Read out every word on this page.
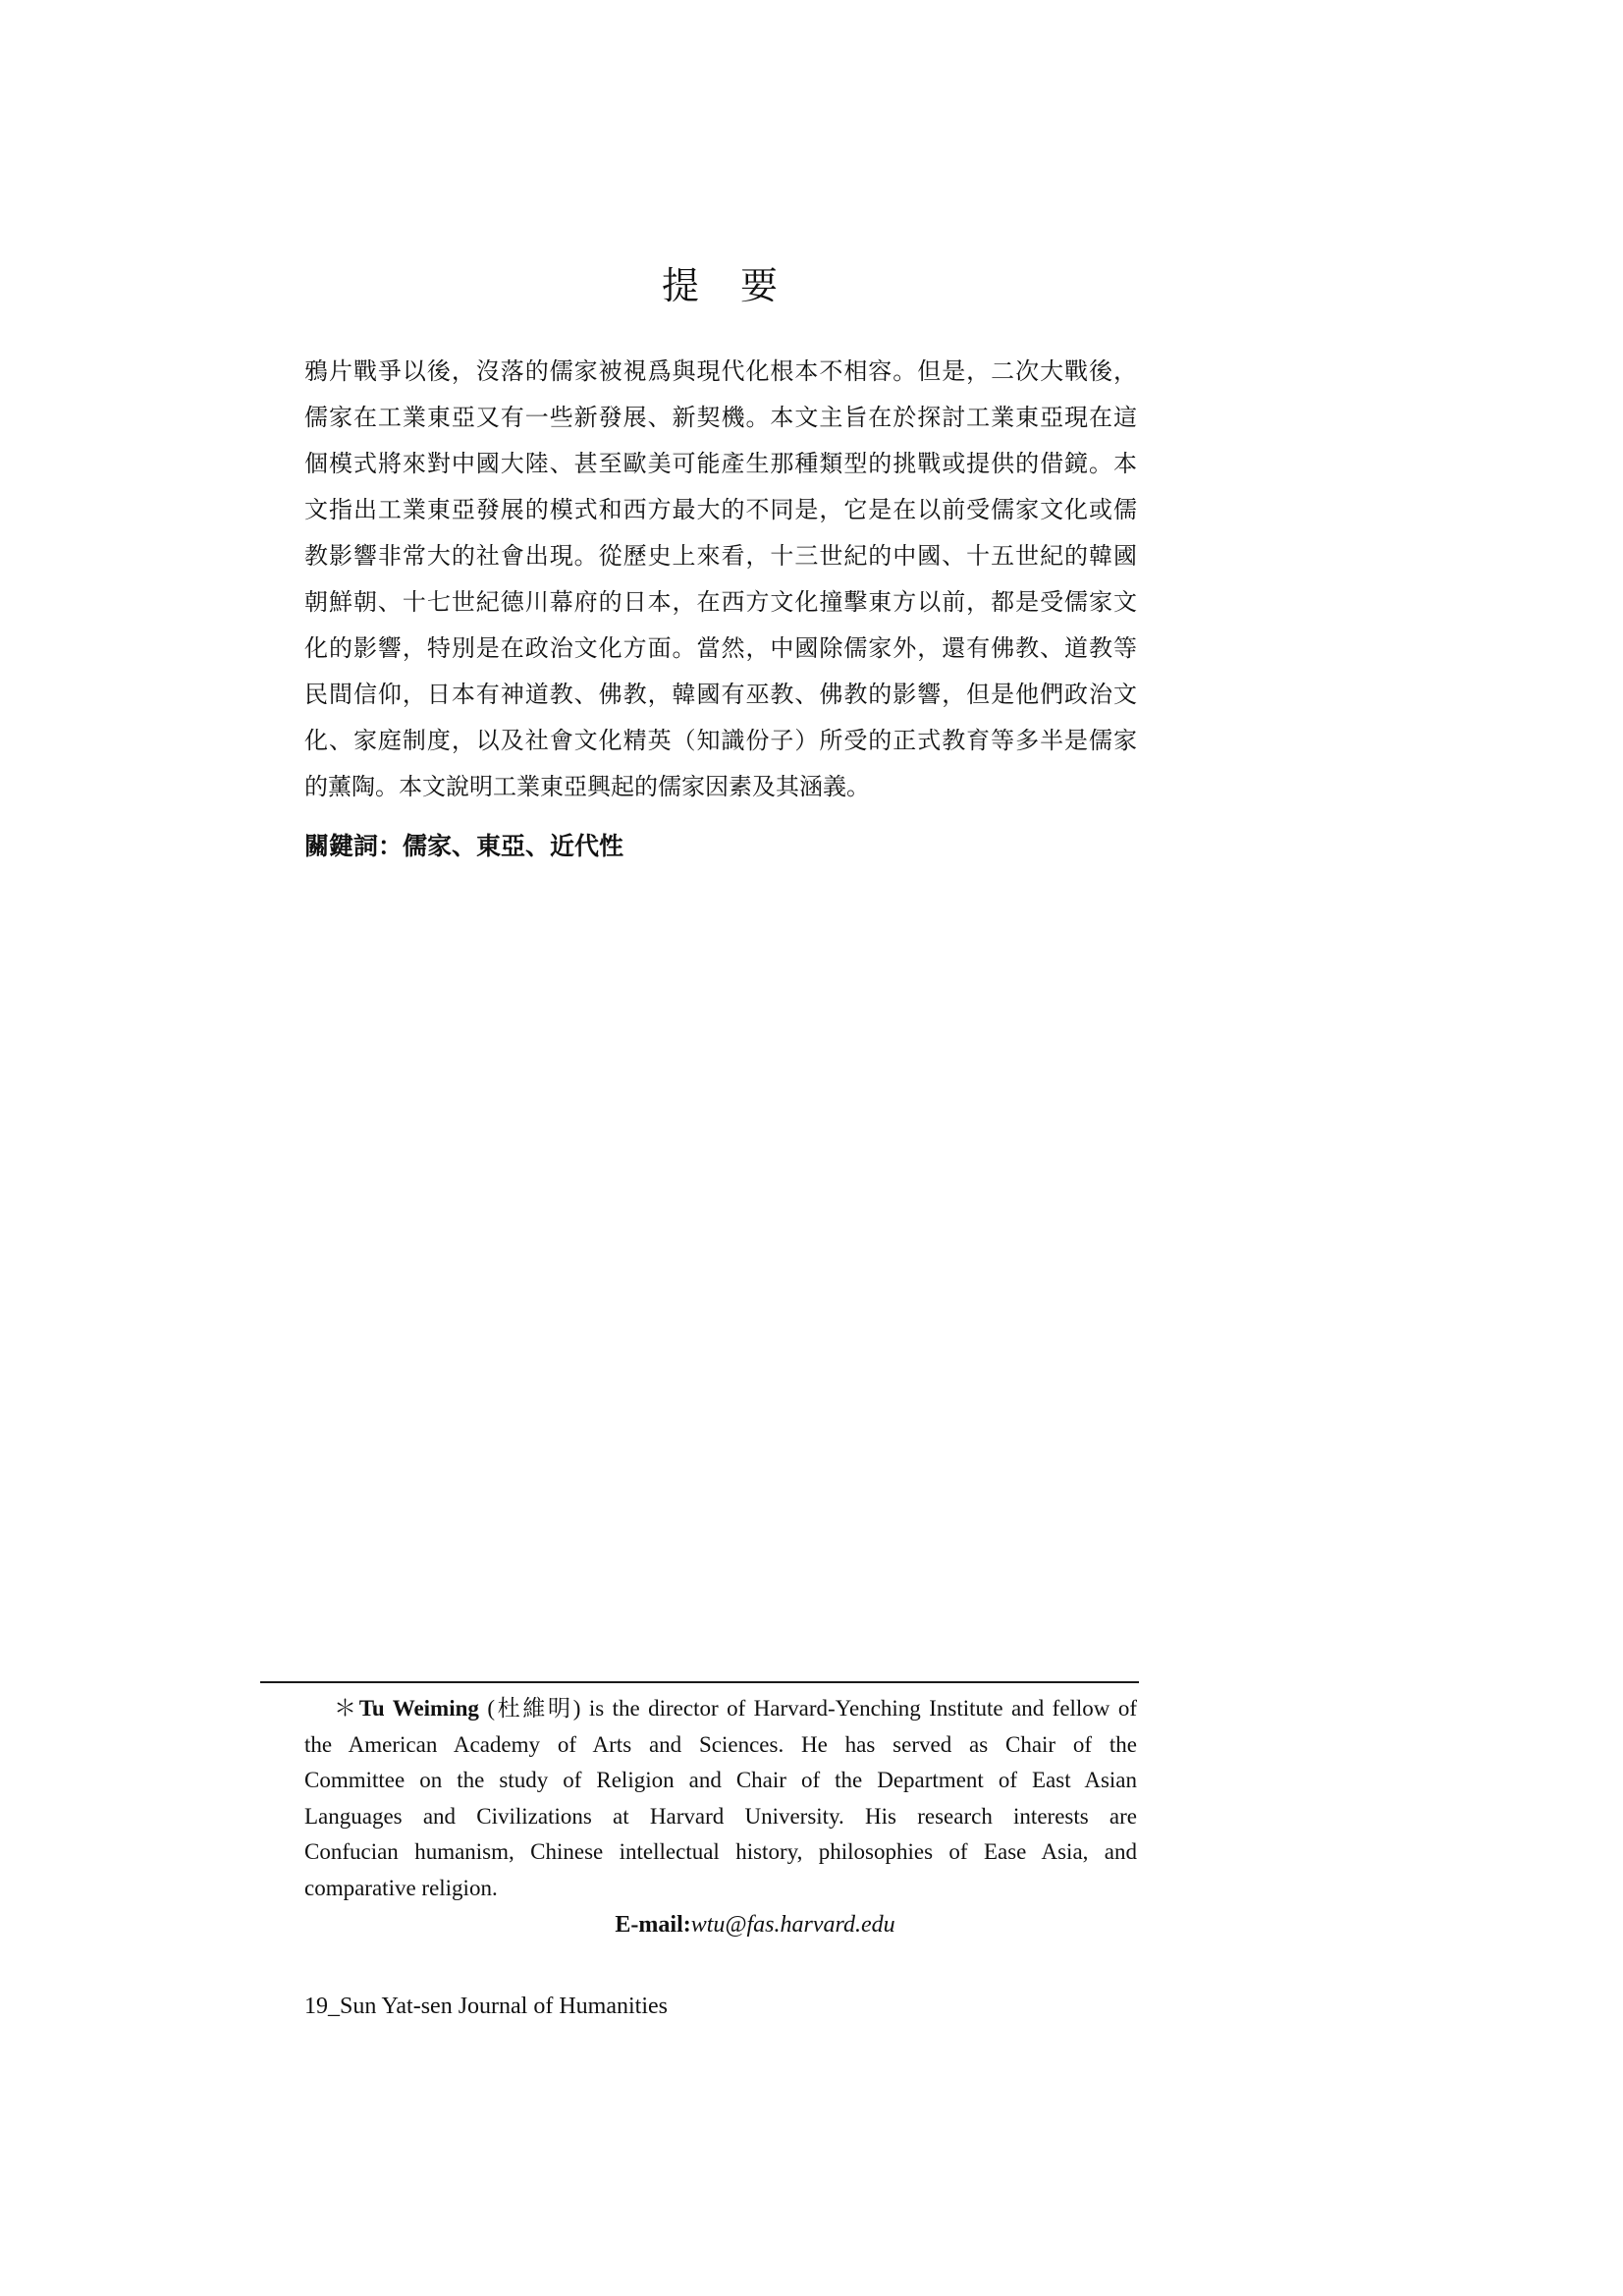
提　要
鴉片戰爭以後，沒落的儒家被視爲與現代化根本不相容。但是，二次大戰後，
儒家在工業東亞又有一些新發展、新契機。本文主旨在於探討工業東亞現在這
個模式將來對中國大陸、甚至歐美可能產生那種類型的挑戰或提供的借鏡。本
文指出工業東亞發展的模式和西方最大的不同是，它是在以前受儒家文化或儒
教影響非常大的社會出現。從歷史上來看，十三世紀的中國、十五世紀的韓國
朝鮮朝、十七世紀德川幕府的日本，在西方文化撞擊東方以前，都是受儒家文
化的影響，特別是在政治文化方面。當然，中國除儒家外，還有佛教、道教等
民間信仰，日本有神道教、佛教，韓國有巫教、佛教的影響，但是他們政治文
化、家庭制度，以及社會文化精英（知識份子）所受的正式教育等多半是儒家
的薰陶。本文說明工業東亞興起的儒家因素及其涵義。
關鍵詞：儒家、東亞、近代性
＊Tu Weiming (杜維明) is the director of Harvard-Yenching Institute and fellow of
the American Academy of Arts and Sciences. He has served as Chair of the
Committee on the study of Religion and Chair of the Department of East Asian
Languages and Civilizations at Harvard University. His research interests are
Confucian humanism, Chinese intellectual history, philosophies of Ease Asia, and
comparative religion.
E-mail:wtu@fas.harvard.edu
19_Sun Yat-sen Journal of Humanities
